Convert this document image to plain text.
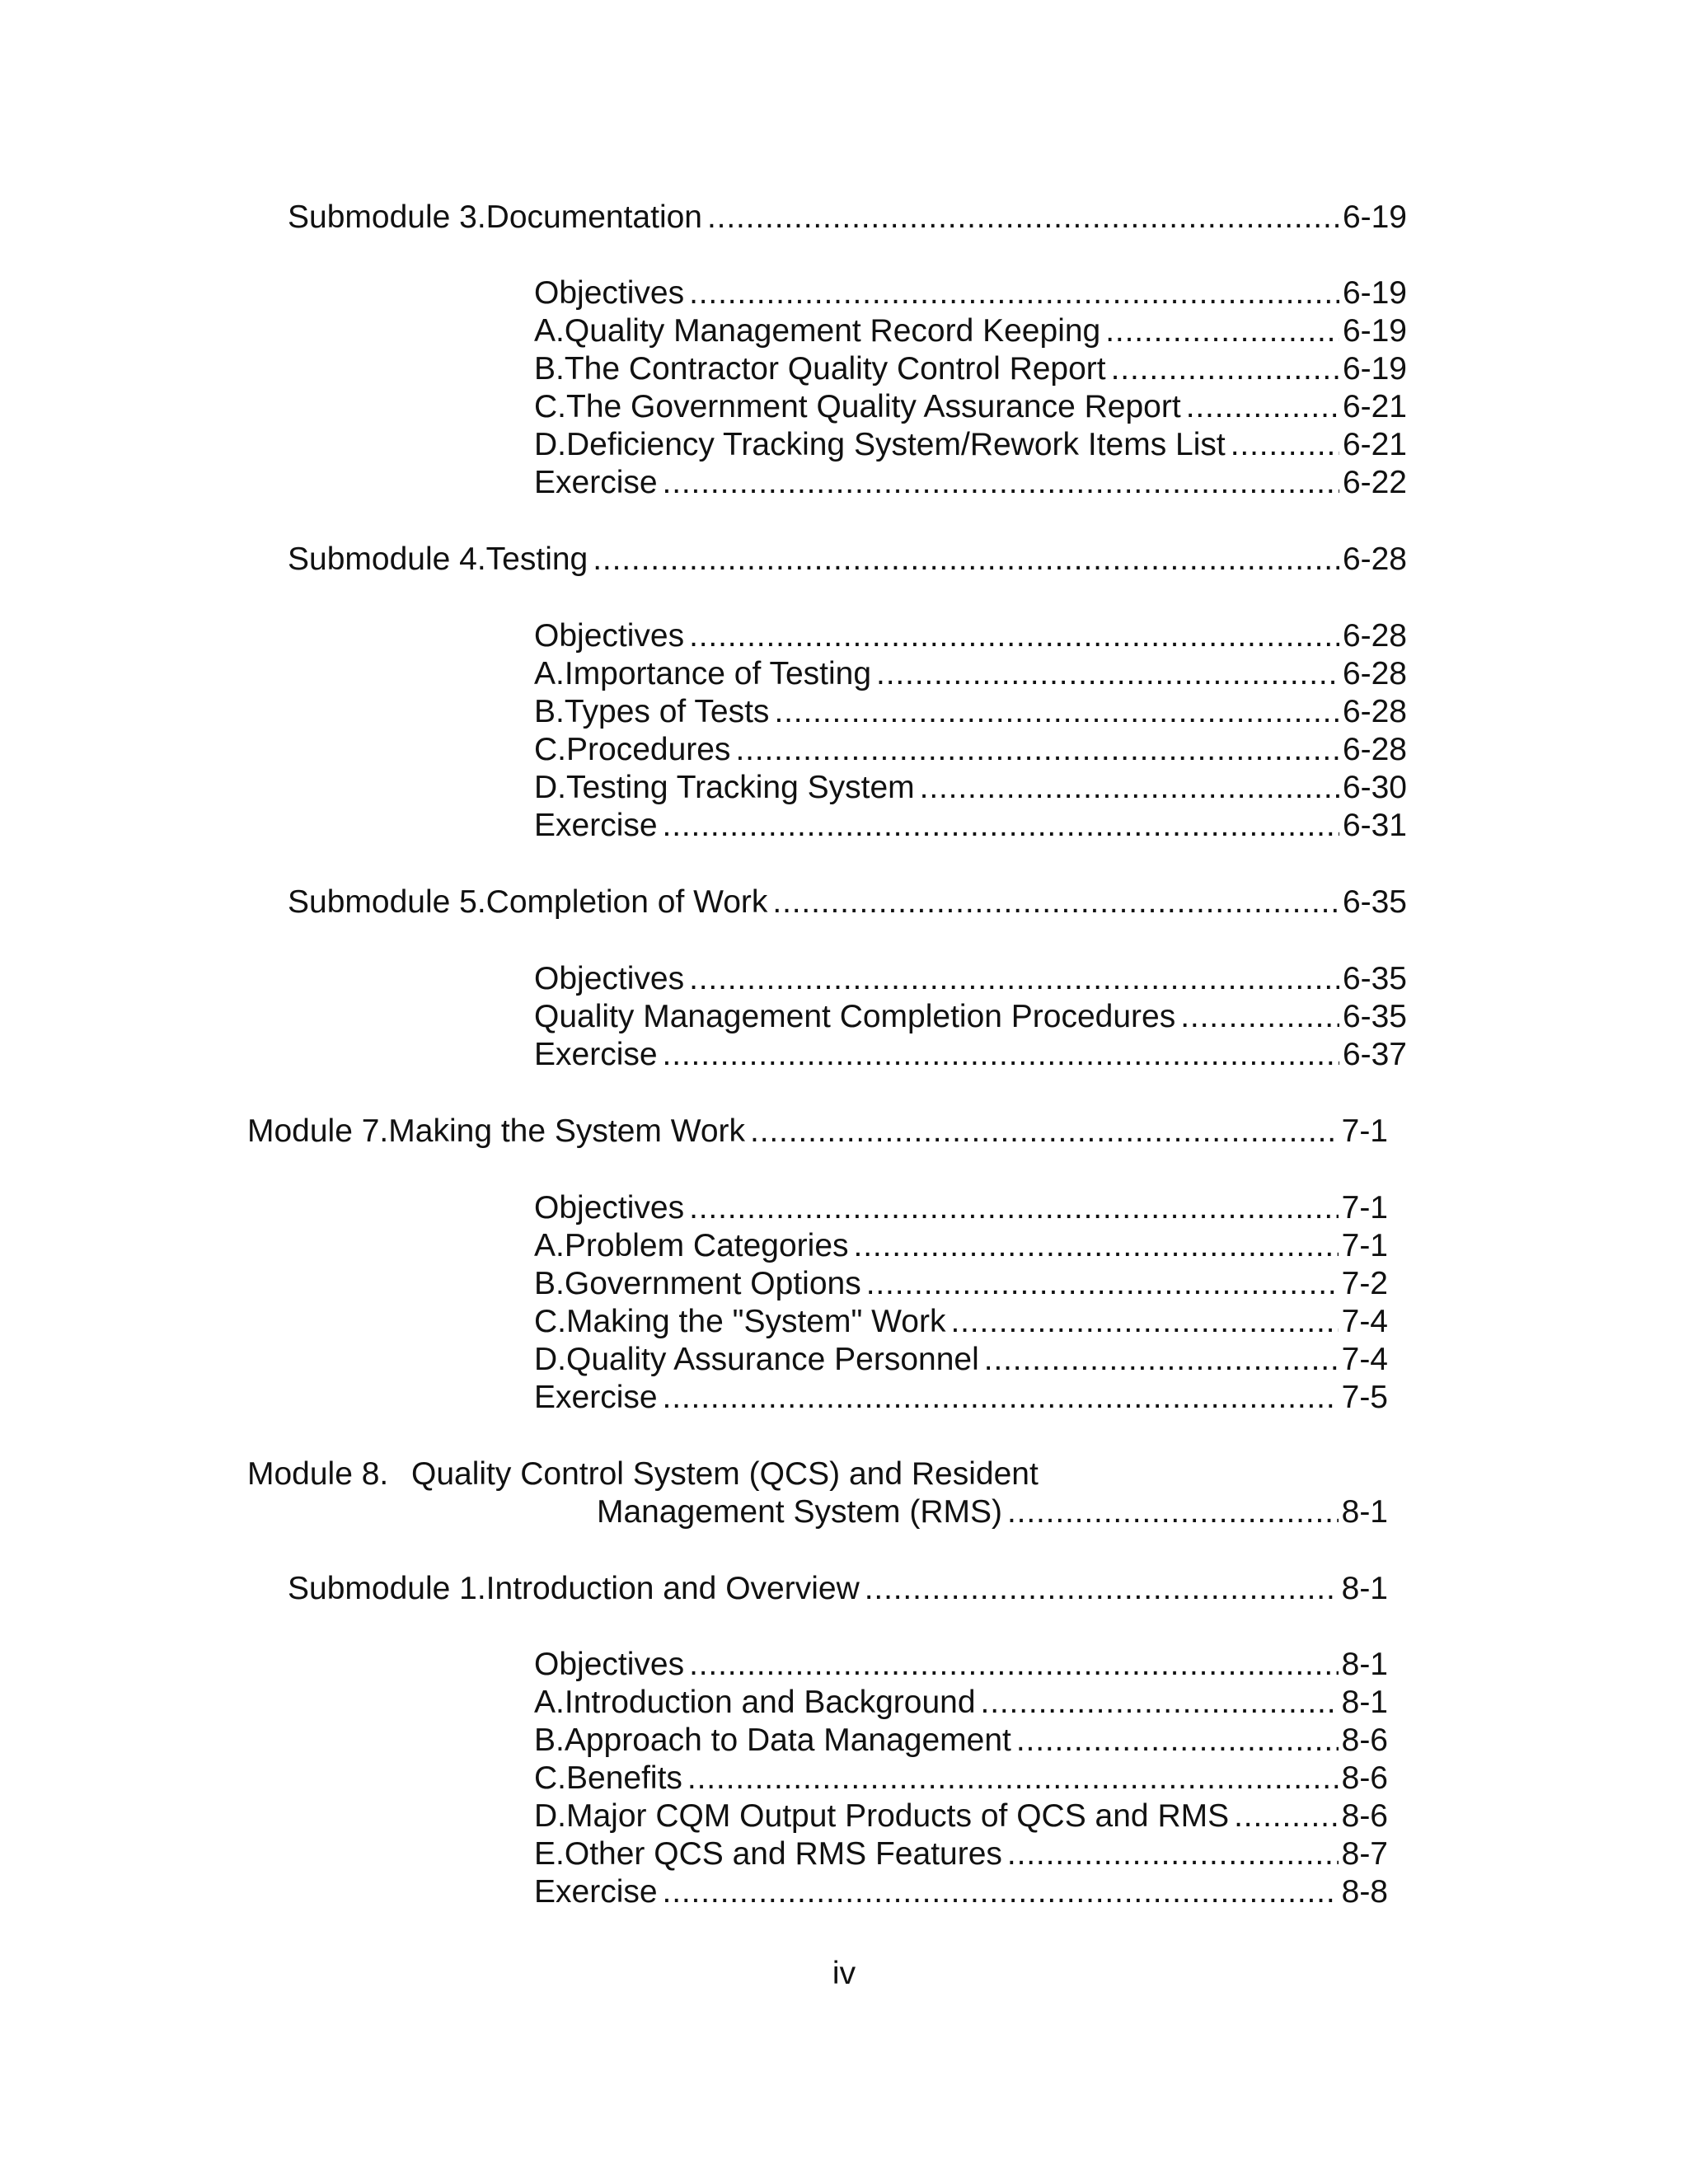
Submodule 3. Documentation . . .	6-19
Objectives . . .	6-19
A. Quality Management Record Keeping . . .	6-19
B. The Contractor Quality Control Report . . .	6-19
C. The Government Quality Assurance Report . . .	6-21
D. Deficiency Tracking System/Rework Items List . . .	6-21
Exercise . . .	6-22
Submodule 4. Testing . . .	6-28
Objectives . . .	6-28
A. Importance of Testing . . .	6-28
B. Types of Tests . . .	6-28
C. Procedures . . .	6-28
D. Testing Tracking System . . .	6-30
Exercise . . .	6-31
Submodule 5. Completion of Work . . .	6-35
Objectives . . .	6-35
Quality Management Completion Procedures . . .	6-35
Exercise . . .	6-37
Module 7. Making the System Work . . .	7-1
Objectives . . .	7-1
A. Problem Categories . . .	7-1
B. Government Options . . .	7-2
C. Making the "System" Work . . .	7-4
D. Quality Assurance Personnel . . .	7-4
Exercise . . .	7-5
Module 8. Quality Control System (QCS) and Resident
Management System (RMS) . . .	8-1
Submodule 1. Introduction and Overview . . .	8-1
Objectives . . .	8-1
A. Introduction and Background . . .	8-1
B. Approach to Data Management . . .	8-6
C. Benefits . . .	8-6
D. Major CQM Output Products of QCS and RMS . . .	8-6
E. Other QCS and RMS Features . . .	8-7
Exercise . . .	8-8
iv
